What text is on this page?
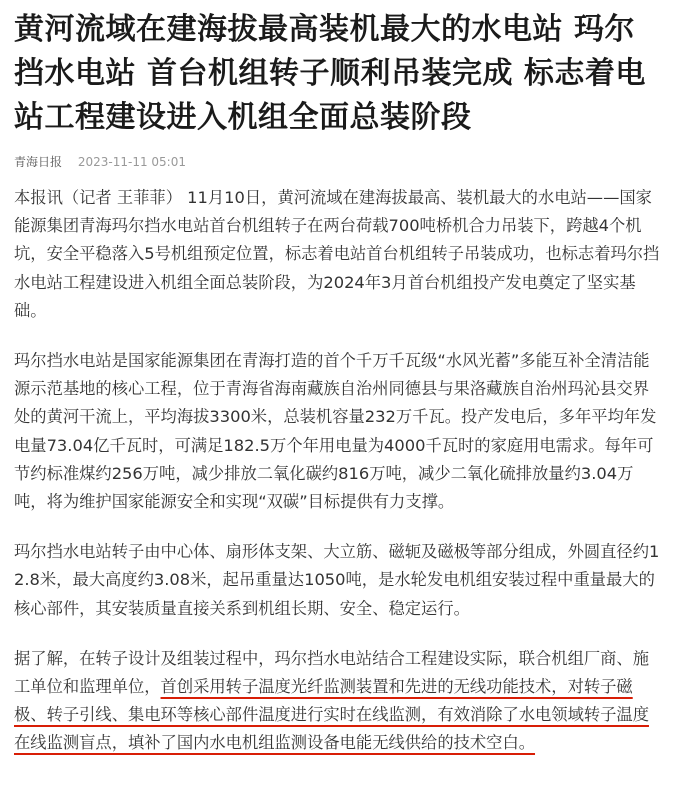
黄河流域在建海拔最高装机最大的水电站 玛尔挡水电站 首台机组转子顺利吊装完成 标志着电站工程建设进入机组全面总装阶段
青海日报 2023-11-11 05:01

本报讯（记者 王菲菲） 11月10日，黄河流域在建海拔最高、装机最大的水电站——国家能源集团青海玛尔挡水电站首台机组转子在两台荷载700吨桥机合力吊装下，跨越4个机坑，安全平稳落入5号机组预定位置，标志着电站首台机组转子吊装成功，也标志着玛尔挡水电站工程建设进入机组全面总装阶段，为2024年3月首台机组投产发电奠定了坚实基础。

玛尔挡水电站是国家能源集团在青海打造的首个千万千瓦级“水风光蓄”多能互补全清洁能源示范基地的核心工程，位于青海省海南藏族自治州同德县与果洛藏族自治州玛沁县交界处的黄河干流上，平均海拔3300米，总装机容量232万千瓦。投产发电后，多年平均年发电量73.04亿千瓦时，可满足182.5万个年用电量为4000千瓦时的家庭用电需求。每年可节约标准煤约256万吨，减少排放二氧化碳约816万吨，减少二氧化硫排放量约3.04万吨，将为维护国家能源安全和实现“双碳”目标提供有力支撑。

玛尔挡水电站转子由中心体、扇形体支架、大立筋、磁轭及磁极等部分组成，外圆直径约12.8米，最大高度约3.08米，起吊重量达1050吨，是水轮发电机组安装过程中重量最大的核心部件，其安装质量直接关系到机组长期、安全、稳定运行。

据了解，在转子设计及组装过程中，玛尔挡水电站结合工程建设实际，联合机组厂商、施工单位和监理单位，首创采用转子温度光纤监测装置和先进的无线功能技术，对转子磁极、转子引线、集电环等核心部件温度进行实时在线监测，有效消除了水电领域转子温度在线监测盲点，填补了国内水电机组监测设备电能无线供给的技术空白。
